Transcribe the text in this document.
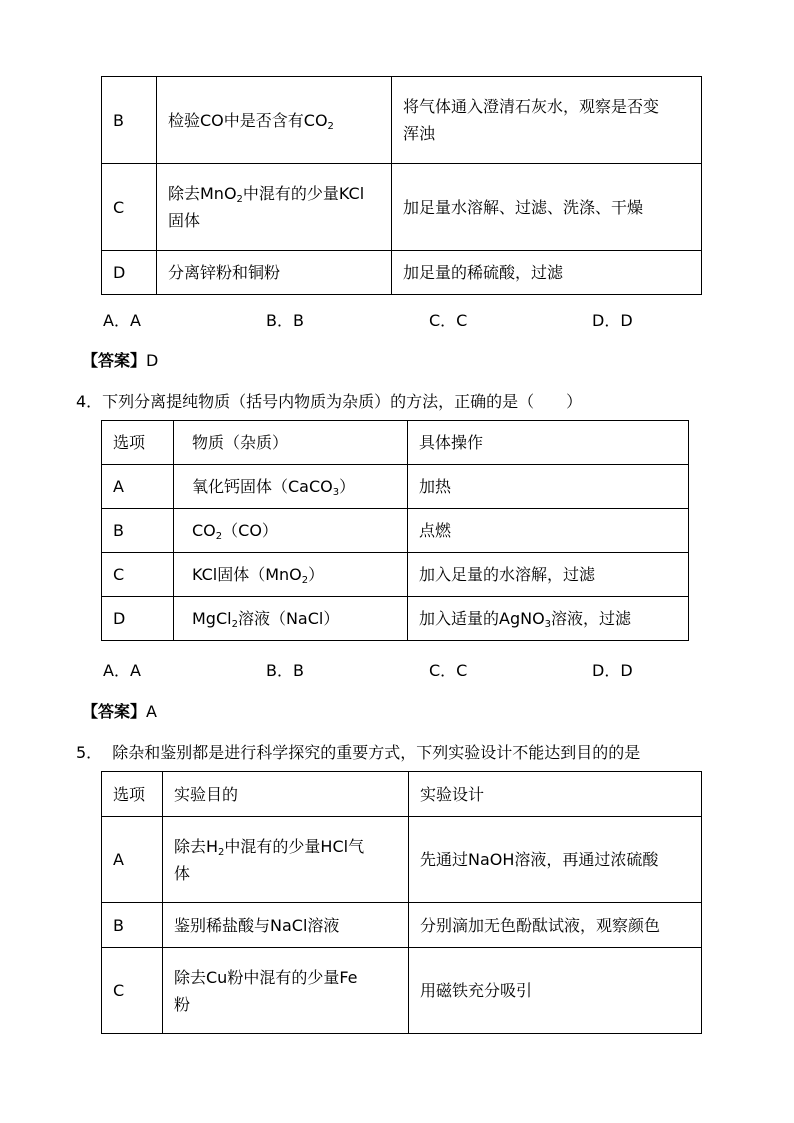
B	检验CO中是否含有$CO_2$	将气体通入澄清石灰水，观察是否变
浑浊
C	除去MnO$_2$中混有的少量KCl
固体	加足量水溶解、过滤、洗涤、干燥
D	分离锌粉和铜粉	加足量的稀硫酸，过滤
A．A	B．B	C．C	D．D
【答案】D
4．下列分离提纯物质（括号内物质为杂质）的方法，正确的是（　　）
选项	物质（杂质）	具体操作
A	氧化钙固体（CaCO$_3$）	加热
B	$CO_2(CO)$	点燃
C	KCl固体（MnO$_2$）	加入足量的水溶解，过滤
D	MgCl$_2$溶液（NaCl）	加入适量的AgNO$_3$溶液，过滤
A．A	B．B	C．C	D．D
【答案】A
5． 除杂和鉴别都是进行科学探究的重要方式，下列实验设计不能达到目的的是
选项	实验目的	实验设计
A	除去$H_2$中混有的少量HCl气
体	先通过NaOH溶液，再通过浓硫酸
B	鉴别稀盐酸与NaCl溶液	分别滴加无色酚酞试液，观察颜色
C	除去Cu粉中混有的少量Fe
粉	用磁铁充分吸引
